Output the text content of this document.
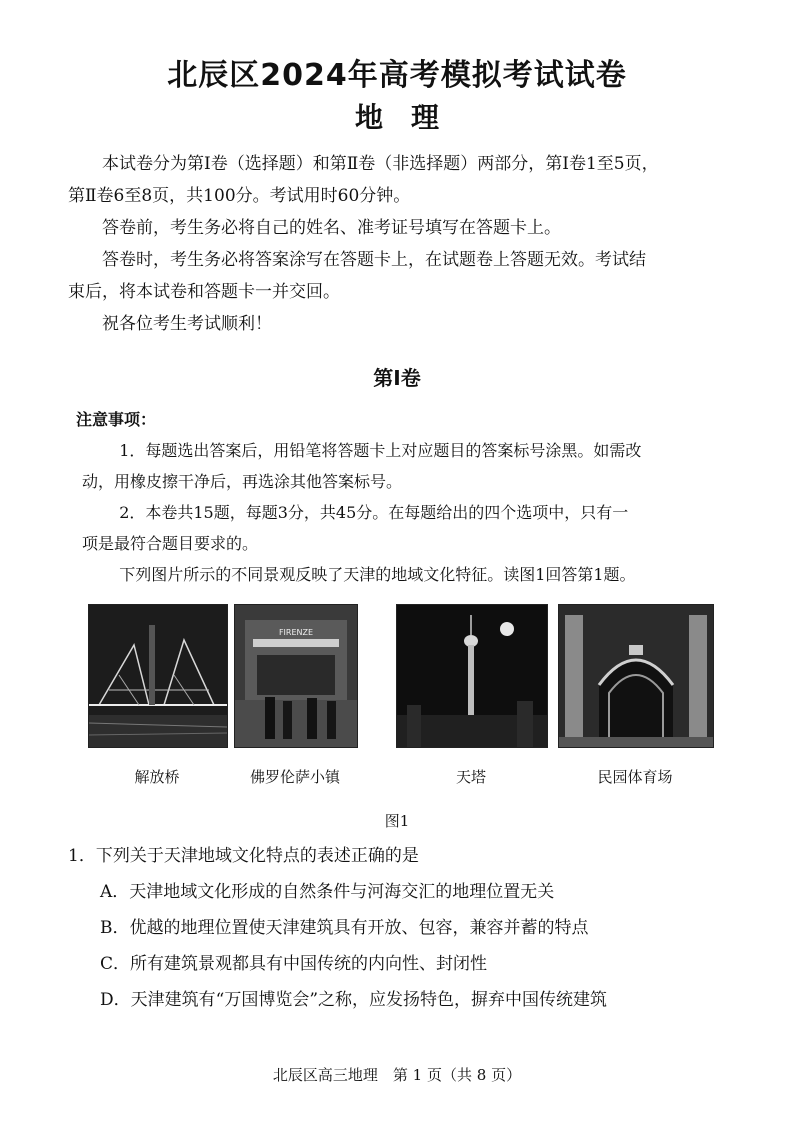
北辰区2024年高考模拟考试试卷
地理

本试卷分为第Ⅰ卷（选择题）和第Ⅱ卷（非选择题）两部分，第Ⅰ卷1至5页，

第Ⅱ卷6至8页，共100分。考试用时60分钟。

答卷前，考生务必将自己的姓名、准考证号填写在答题卡上。

答卷时，考生务必将答案涂写在答题卡上，在试题卷上答题无效。考试结

束后，将本试卷和答题卡一并交回。

祝各位考生考试顺利！

第Ⅰ卷

注意事项：

1．每题选出答案后，用铅笔将答题卡上对应题目的答案标号涂黑。如需改

动，用橡皮擦干净后，再选涂其他答案标号。

2．本卷共15题，每题3分，共45分。在每题给出的四个选项中，只有一

项是最符合题目要求的。

下列图片所示的不同景观反映了天津的地域文化特征。读图1回答第1题。

FIRENZE
解放桥	佛罗伦萨小镇	天塔	民园体育场
图1

1．下列关于天津地域文化特点的表述正确的是

A．天津地域文化形成的自然条件与河海交汇的地理位置无关

B．优越的地理位置使天津建筑具有开放、包容，兼容并蓄的特点

C．所有建筑景观都具有中国传统的内向性、封闭性

D．天津建筑有“万国博览会”之称，应发扬特色，摒弃中国传统建筑

北辰区高三地理　第 1 页（共 8 页）
